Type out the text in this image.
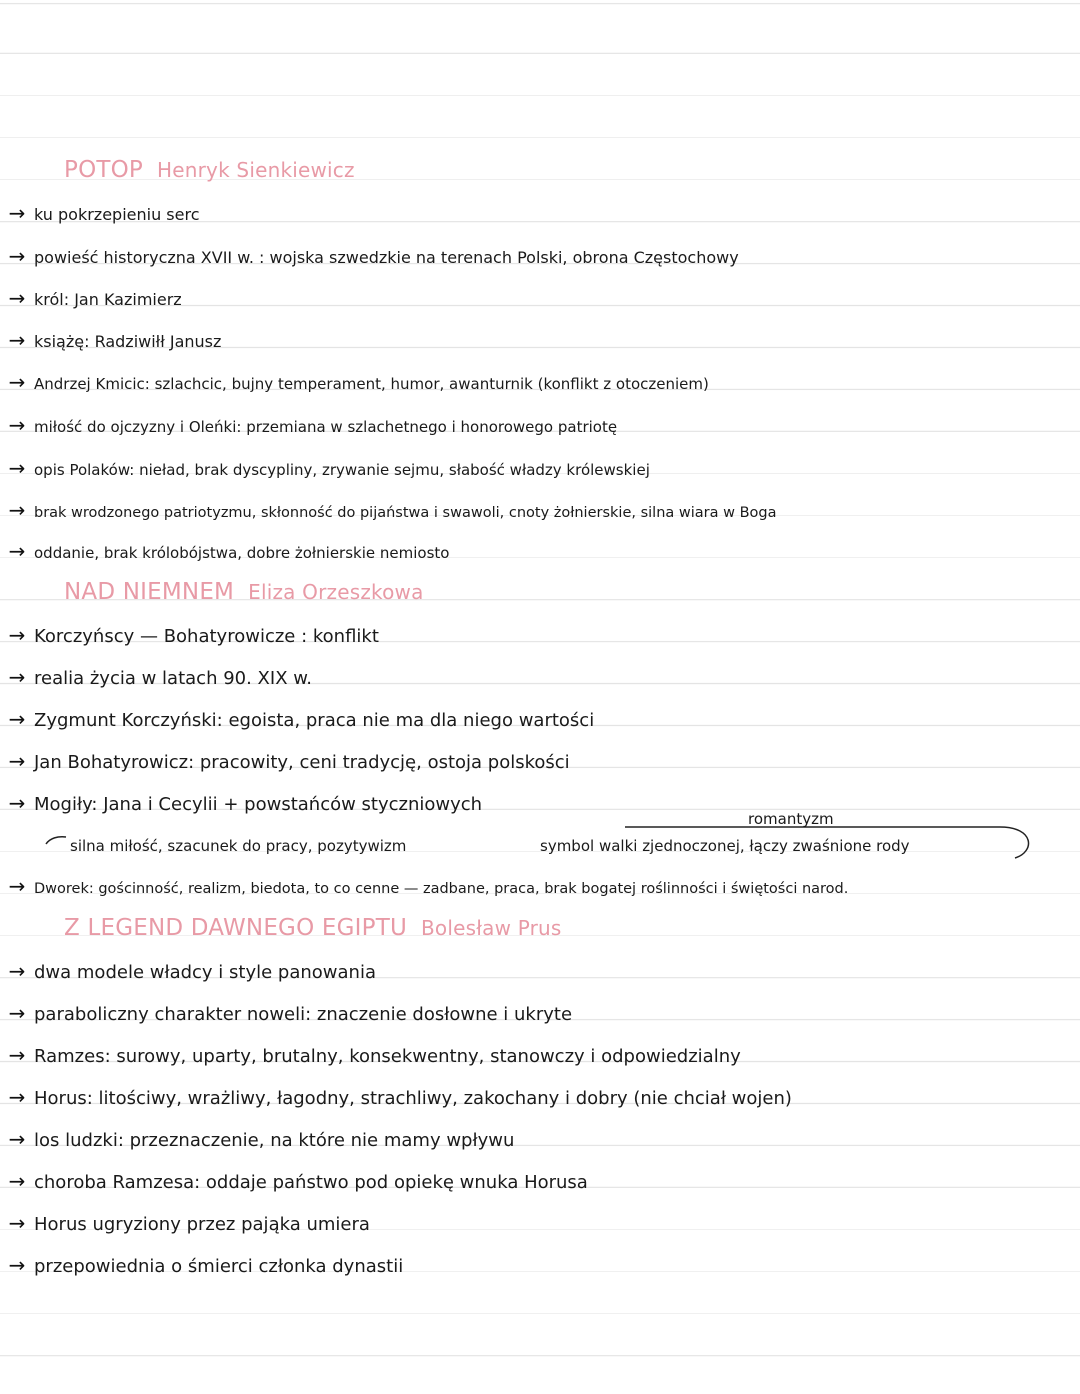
POTOP Henryk Sienkiewicz
→ ku pokrzepieniu serc
→ powieść historyczna XVII w. : wojska szwedzkie na terenach Polski, obrona Częstochowy
→ król: Jan Kazimierz
→ książę: Radziwiłł Janusz
→ Andrzej Kmicic: szlachcic, bujny temperament, humor, awanturnik (konflikt z otoczeniem)
→ miłość do ojczyzny i Oleńki: przemiana w szlachetnego i honorowego patriotę
→ opis Polaków: nieład, brak dyscypliny, zrywanie sejmu, słabość władzy królewskiej
→ brak wrodzonego patriotyzmu, skłonność do pijaństwa i swawoli, cnoty żołnierskie, silna wiara w Boga
→ oddanie, brak królobójstwa, dobre żołnierskie nemiosto
NAD NIEMNEM Eliza Orzeszkowa
→ Korczyńscy — Bohatyrowicze : konflikt
→ realia życia w latach 90. XIX w.
→ Zygmunt Korczyński: egoista, praca nie ma dla niego wartości
→ Jan Bohatyrowicz: pracowity, ceni tradycję, ostoja polskości
→ Mogiły: Jana i Cecylii + powstańców styczniowych
romantyzm
silna miłość, szacunek do pracy, pozytywizm	symbol walki zjednoczonej, łączy zwaśnione rody
→ Dworek: gościnność, realizm, biedota, to co cenne — zadbane, praca, brak bogatej roślinności i świętości narod.
Z LEGEND DAWNEGO EGIPTU Bolesław Prus
→ dwa modele władcy i style panowania
→ paraboliczny charakter noweli: znaczenie dosłowne i ukryte
→ Ramzes: surowy, uparty, brutalny, konsekwentny, stanowczy i odpowiedzialny
→ Horus: litościwy, wrażliwy, łagodny, strachliwy, zakochany i dobry (nie chciał wojen)
→ los ludzki: przeznaczenie, na które nie mamy wpływu
→ choroba Ramzesa: oddaje państwo pod opiekę wnuka Horusa
→ Horus ugryziony przez pająka umiera
→ przepowiednia o śmierci członka dynastii
